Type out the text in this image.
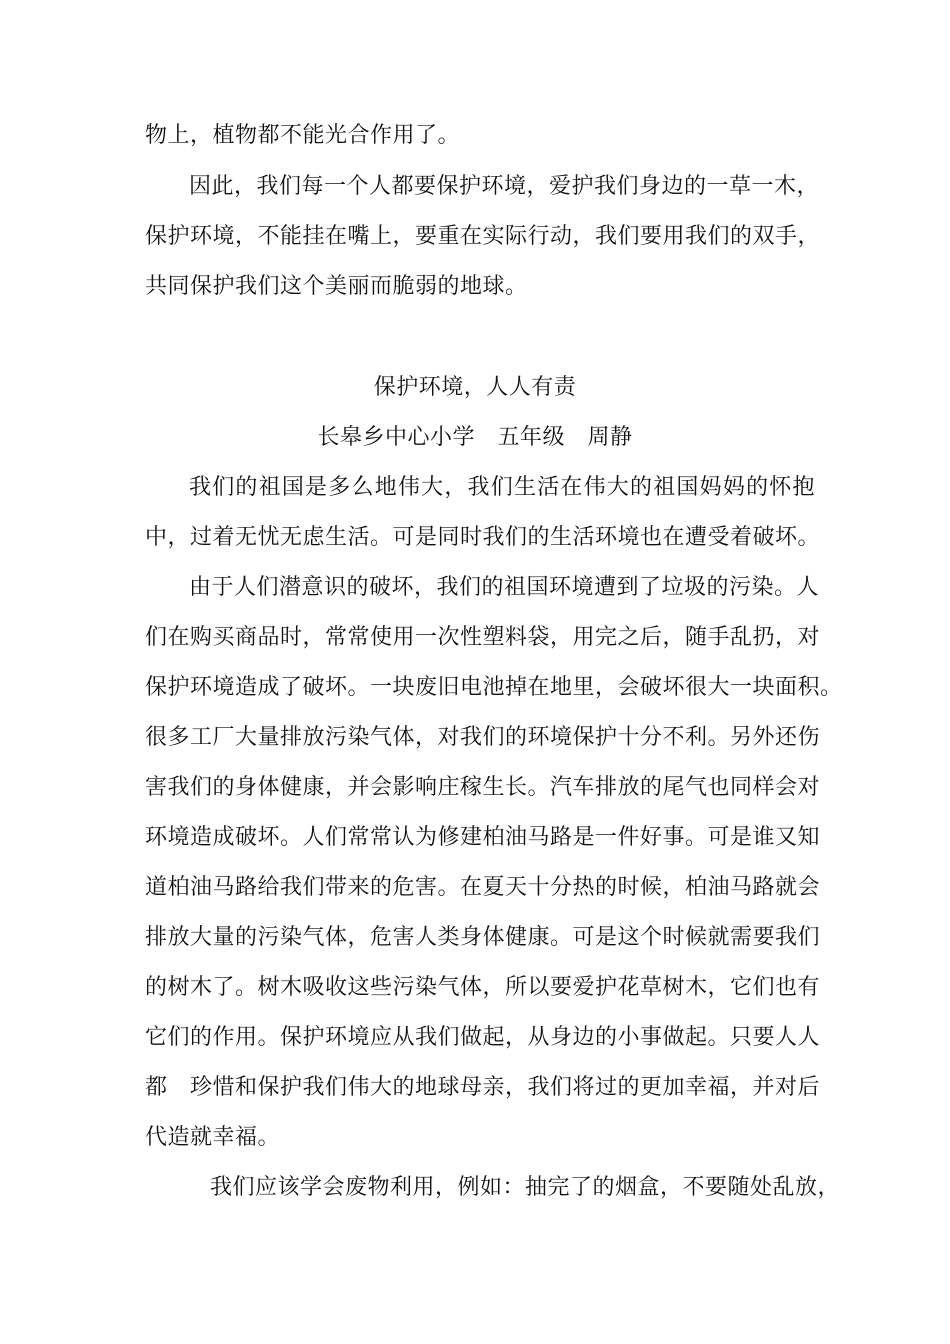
物上，植物都不能光合作用了。
因此，我们每一个人都要保护环境，爱护我们身边的一草一木，
保护环境，不能挂在嘴上，要重在实际行动，我们要用我们的双手，
共同保护我们这个美丽而脆弱的地球。
保护环境，人人有责
长皋乡中心小学　五年级　周静
我们的祖国是多么地伟大，我们生活在伟大的祖国妈妈的怀抱
中，过着无忧无虑生活。可是同时我们的生活环境也在遭受着破坏。
由于人们潜意识的破坏，我们的祖国环境遭到了垃圾的污染。人
们在购买商品时，常常使用一次性塑料袋，用完之后，随手乱扔，对
保护环境造成了破坏。一块废旧电池掉在地里，会破坏很大一块面积。
很多工厂大量排放污染气体，对我们的环境保护十分不利。另外还伤
害我们的身体健康，并会影响庄稼生长。汽车排放的尾气也同样会对
环境造成破坏。人们常常认为修建柏油马路是一件好事。可是谁又知
道柏油马路给我们带来的危害。在夏天十分热的时候，柏油马路就会
排放大量的污染气体，危害人类身体健康。可是这个时候就需要我们
的树木了。树木吸收这些污染气体，所以要爱护花草树木，它们也有
它们的作用。保护环境应从我们做起，从身边的小事做起。只要人人
都　珍惜和保护我们伟大的地球母亲，我们将过的更加幸福，并对后
代造就幸福。
我们应该学会废物利用，例如：抽完了的烟盒，不要随处乱放，
